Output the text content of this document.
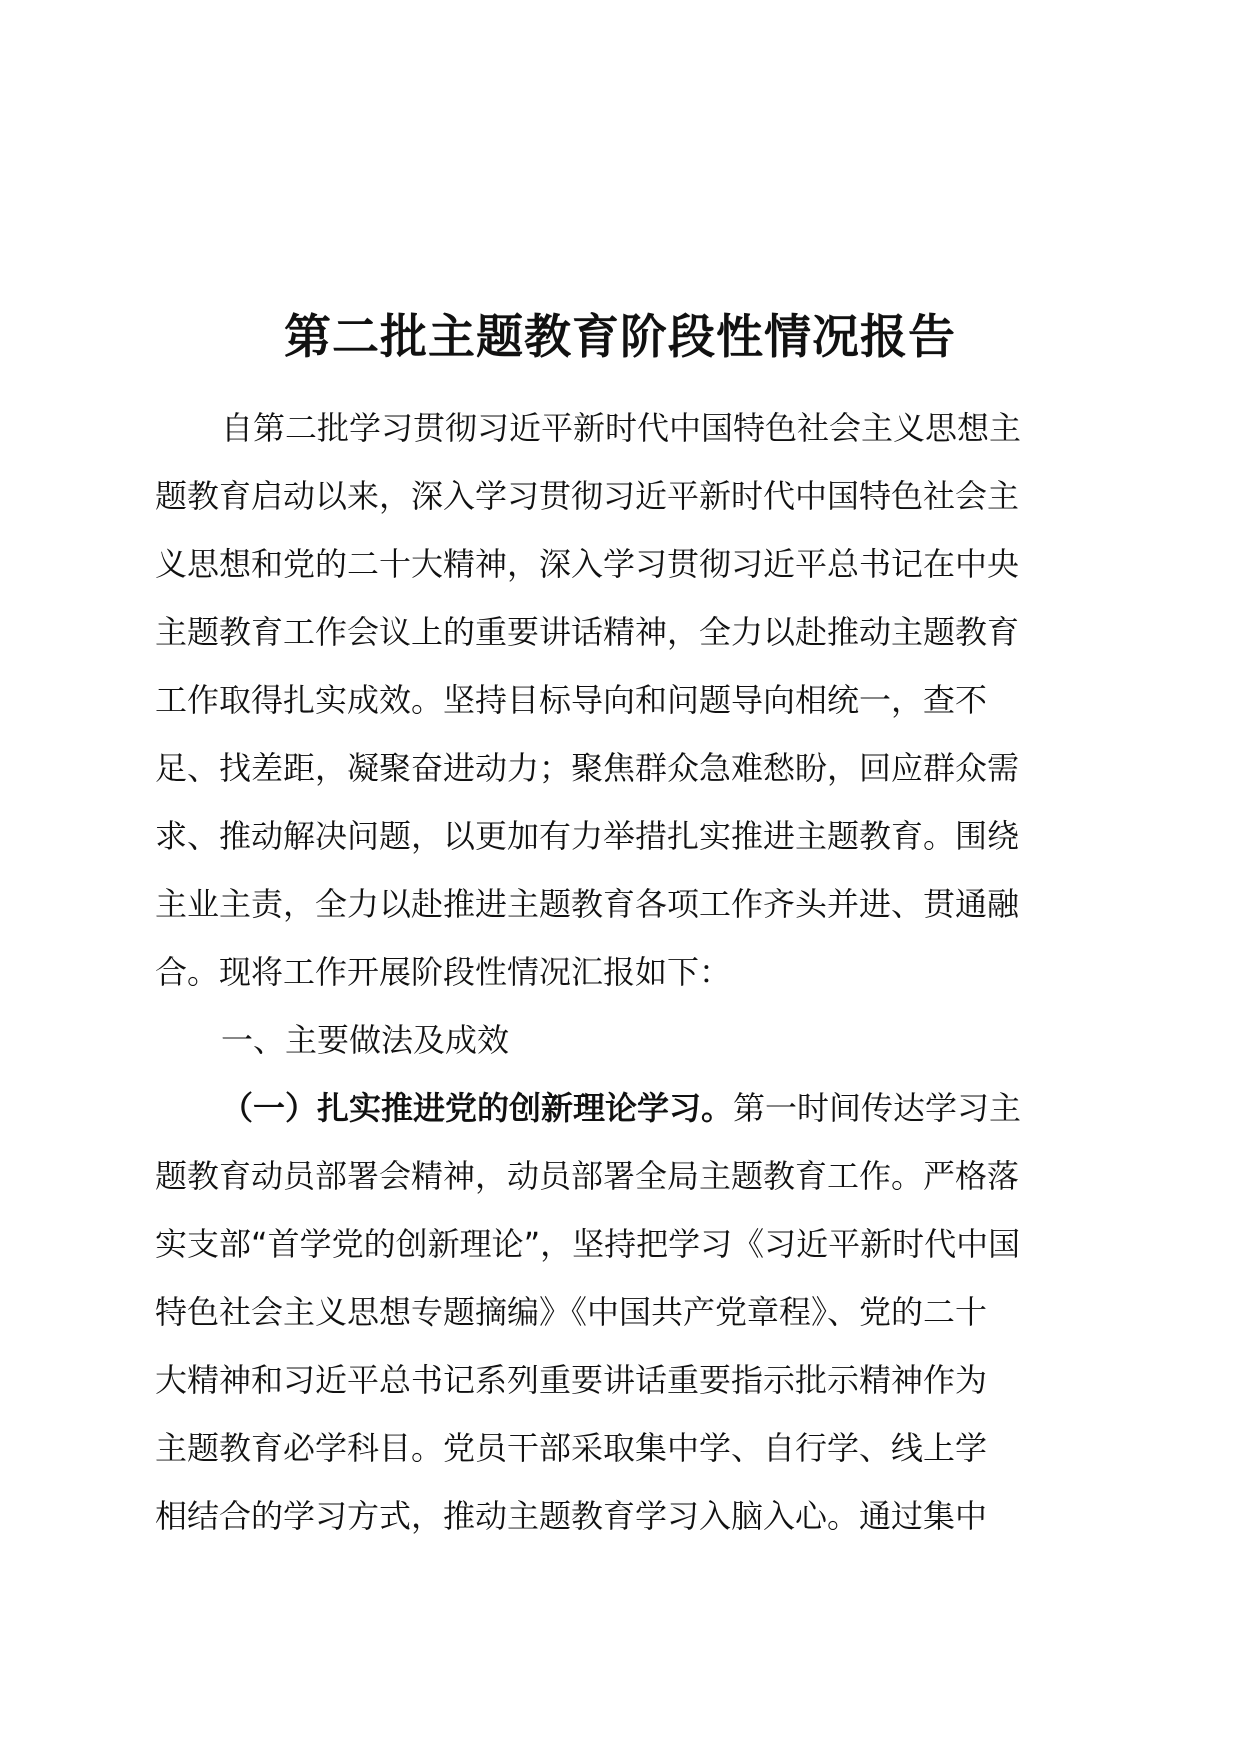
第二批主题教育阶段性情况报告
自第二批学习贯彻习近平新时代中国特色社会主义思想主
题教育启动以来，深入学习贯彻习近平新时代中国特色社会主
义思想和党的二十大精神，深入学习贯彻习近平总书记在中央
主题教育工作会议上的重要讲话精神，全力以赴推动主题教育
工作取得扎实成效。坚持目标导向和问题导向相统一，查不
足、找差距，凝聚奋进动力；聚焦群众急难愁盼，回应群众需
求、推动解决问题，以更加有力举措扎实推进主题教育。围绕
主业主责，全力以赴推进主题教育各项工作齐头并进、贯通融
合。现将工作开展阶段性情况汇报如下：
一、主要做法及成效
（一）扎实推进党的创新理论学习。第一时间传达学习主
题教育动员部署会精神，动员部署全局主题教育工作。严格落
实支部“首学党的创新理论”，坚持把学习《习近平新时代中国
特色社会主义思想专题摘编》《中国共产党章程》、党的二十
大精神和习近平总书记系列重要讲话重要指示批示精神作为
主题教育必学科目。党员干部采取集中学、自行学、线上学
相结合的学习方式，推动主题教育学习入脑入心。通过集中
